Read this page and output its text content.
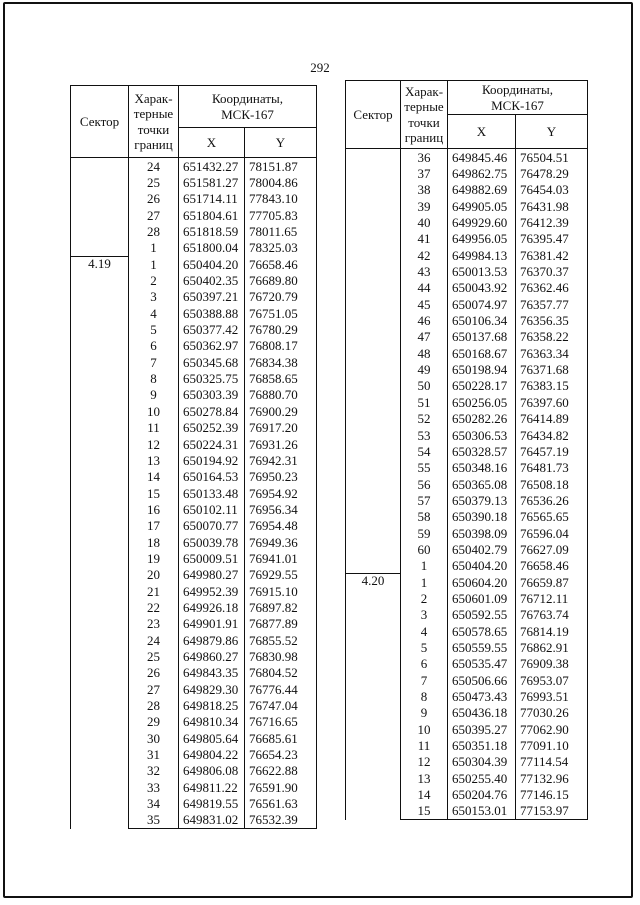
292
Сектор	Харак-
терные
точки
границ	Координаты,
МСК-167	
		X	Y
	24	651432.27	78151.87
	25	651581.27	78004.86
	26	651714.11	77843.10
	27	651804.61	77705.83
	28	651818.59	78011.65
	1	651800.04	78325.03
4.19	1	650404.20	76658.46
	2	650402.35	76689.80
	3	650397.21	76720.79
	4	650388.88	76751.05
	5	650377.42	76780.29
	6	650362.97	76808.17
	7	650345.68	76834.38
	8	650325.75	76858.65
	9	650303.39	76880.70
	10	650278.84	76900.29
	11	650252.39	76917.20
	12	650224.31	76931.26
	13	650194.92	76942.31
	14	650164.53	76950.23
	15	650133.48	76954.92
	16	650102.11	76956.34
	17	650070.77	76954.48
	18	650039.78	76949.36
	19	650009.51	76941.01
	20	649980.27	76929.55
	21	649952.39	76915.10
	22	649926.18	76897.82
	23	649901.91	76877.89
	24	649879.86	76855.52
	25	649860.27	76830.98
	26	649843.35	76804.52
	27	649829.30	76776.44
	28	649818.25	76747.04
	29	649810.34	76716.65
	30	649805.64	76685.61
	31	649804.22	76654.23
	32	649806.08	76622.88
	33	649811.22	76591.90
	34	649819.55	76561.63
	35	649831.02	76532.39
Сектор	Харак-
терные
точки
границ	Координаты,
МСК-167	
		X	Y
	36	649845.46	76504.51
	37	649862.75	76478.29
	38	649882.69	76454.03
	39	649905.05	76431.98
	40	649929.60	76412.39
	41	649956.05	76395.47
	42	649984.13	76381.42
	43	650013.53	76370.37
	44	650043.92	76362.46
	45	650074.97	76357.77
	46	650106.34	76356.35
	47	650137.68	76358.22
	48	650168.67	76363.34
	49	650198.94	76371.68
	50	650228.17	76383.15
	51	650256.05	76397.60
	52	650282.26	76414.89
	53	650306.53	76434.82
	54	650328.57	76457.19
	55	650348.16	76481.73
	56	650365.08	76508.18
	57	650379.13	76536.26
	58	650390.18	76565.65
	59	650398.09	76596.04
	60	650402.79	76627.09
	1	650404.20	76658.46
4.20	1	650604.20	76659.87
	2	650601.09	76712.11
	3	650592.55	76763.74
	4	650578.65	76814.19
	5	650559.55	76862.91
	6	650535.47	76909.38
	7	650506.66	76953.07
	8	650473.43	76993.51
	9	650436.18	77030.26
	10	650395.27	77062.90
	11	650351.18	77091.10
	12	650304.39	77114.54
	13	650255.40	77132.96
	14	650204.76	77146.15
	15	650153.01	77153.97
